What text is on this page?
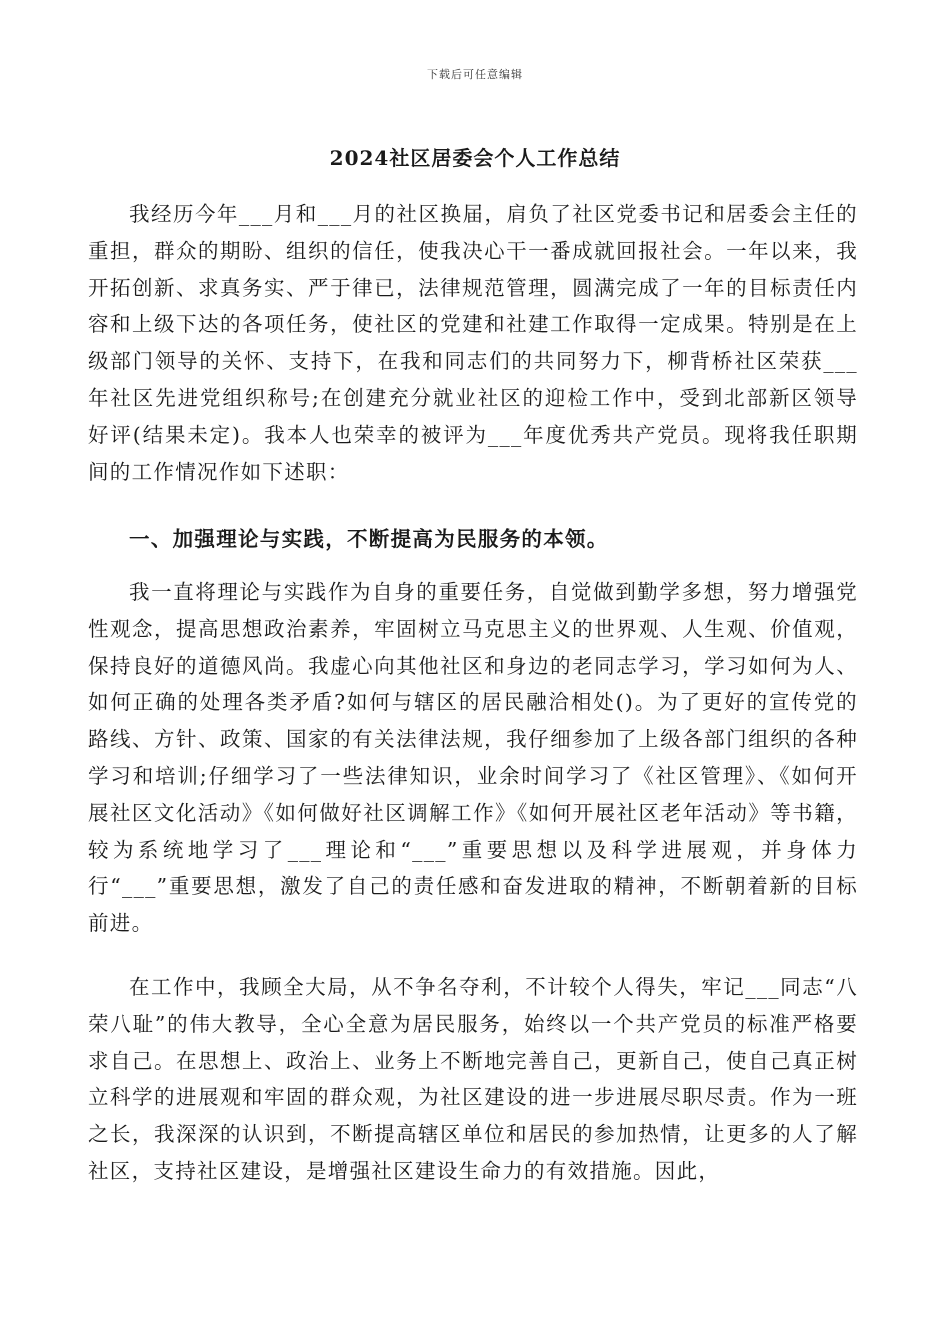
下载后可任意编辑
2024社区居委会个人工作总结

我经历今年___月和___月的社区换届，肩负了社区党委书记和居委会主任的重担，群众的期盼、组织的信任，使我决心干一番成就回报社会。一年以来，我开拓创新、求真务实、严于律已，法律规范管理，圆满完成了一年的目标责任内容和上级下达的各项任务，使社区的党建和社建工作取得一定成果。特别是在上级部门领导的关怀、支持下，在我和同志们的共同努力下，柳背桥社区荣获___年社区先进党组织称号;在创建充分就业社区的迎检工作中，受到北部新区领导好评(结果未定)。我本人也荣幸的被评为___年度优秀共产党员。现将我任职期间的工作情况作如下述职：

一、加强理论与实践，不断提高为民服务的本领。

我一直将理论与实践作为自身的重要任务，自觉做到勤学多想，努力增强党性观念，提高思想政治素养，牢固树立马克思主义的世界观、人生观、价值观，保持良好的道德风尚。我虚心向其他社区和身边的老同志学习，学习如何为人、如何正确的处理各类矛盾?如何与辖区的居民融洽相处()。为了更好的宣传党的路线、方针、政策、国家的有关法律法规，我仔细参加了上级各部门组织的各种学习和培训;仔细学习了一些法律知识，业余时间学习了《社区管理》、《如何开展社区文化活动》《如何做好社区调解工作》《如何开展社区老年活动》等书籍，较为系统地学习了___理论和“___”重要思想以及科学进展观，并身体力行“___”重要思想，激发了自己的责任感和奋发进取的精神，不断朝着新的目标前进。

在工作中，我顾全大局，从不争名夺利，不计较个人得失，牢记___同志“八荣八耻”的伟大教导，全心全意为居民服务，始终以一个共产党员的标准严格要求自己。在思想上、政治上、业务上不断地完善自己，更新自己，使自己真正树立科学的进展观和牢固的群众观，为社区建设的进一步进展尽职尽责。作为一班之长，我深深的认识到，不断提高辖区单位和居民的参加热情，让更多的人了解社区，支持社区建设，是增强社区建设生命力的有效措施。因此，
